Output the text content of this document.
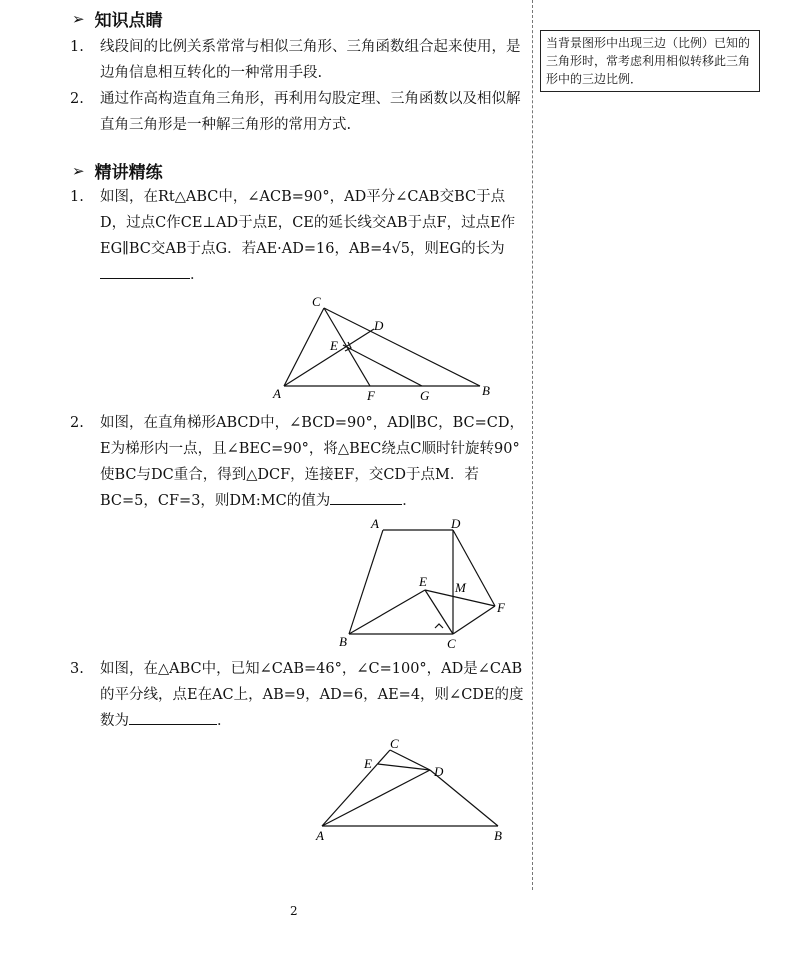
当背景图形中出现三边（比例）已知的三角形时，常考虑利用相似转移此三角形中的三边比例．
➢ 知识点睛

1. 线段间的比例关系常常与相似三角形、三角函数组合起来使用，是边角信息相互转化的一种常用手段.

2. 通过作高构造直角三角形，再利用勾股定理、三角函数以及相似解直角三角形是一种解三角形的常用方式.

➢ 精讲精练

1. 如图，在Rt△ABC中，∠ACB=90°，AD平分∠CAB交BC于点D，过点C作CE⊥AD于点E，CE的延长线交AB于点F，过点E作EG∥BC交AB于点G．若AE·AD=16，AB=4√5，则EG的长为．

2. 如图，在直角梯形ABCD中，∠BCD=90°，AD∥BC，BC=CD，E为梯形内一点，且∠BEC=90°，将△BEC绕点C顺时针旋转90°使BC与DC重合，得到△DCF，连接EF，交CD于点M．若BC=5，CF=3，则DM:MC的值为	．

3. 如图，在△ABC中，已知∠CAB=46°，∠C=100°，AD是∠CAB的平分线，点E在AC上，AB=9，AD=6，AE=4，则∠CDE的度数为	．

C
D
E
A	F	G	B
A	D
E M
F
B	C
C
E
D
A	B
2
